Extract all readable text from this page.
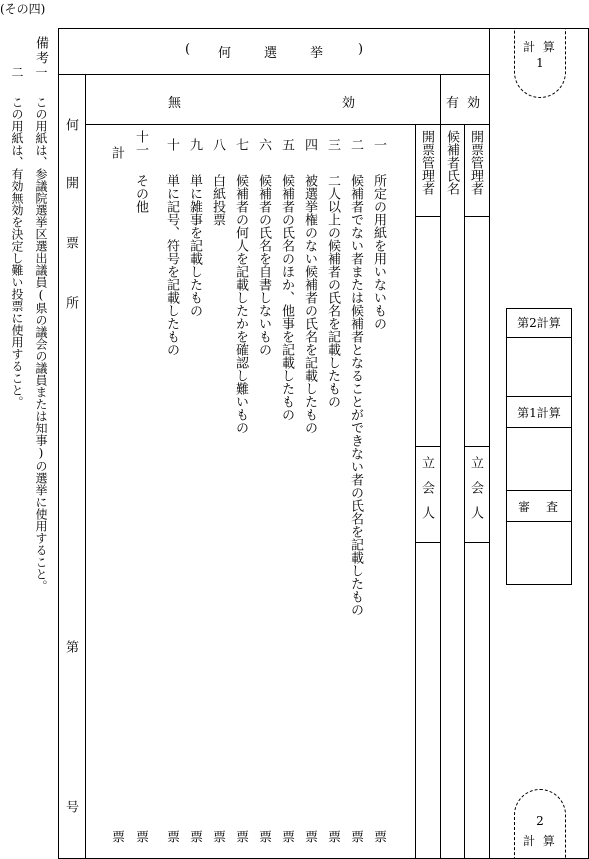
(その四)
備考
一
この用紙は、参議院選挙区選出議員(県の議会の議員または知事)の選挙に使用すること。
二
この用紙は、有効無効を決定し難い投票に使用すること。
( 何　選　挙 )
何
開
票
所
第
号
無	効	有 効
開票管理者
立会人
候補者氏名 開票管理者
立会人
一
所定の用紙を用いないもの
票
二
候補者でない者または候補者となることができない者の氏名を記載したもの
票
三
二人以上の候補者の氏名を記載したもの
票
四
被選挙権のない候補者の氏名を記載したもの
票
五
候補者の氏名のほか、他事を記載したもの
票
六
候補者の氏名を自書しないもの
票
七
候補者の何人を記載したかを確認し難いもの
票
八
白紙投票
票
九
単に雑事を記載したもの
票
十
単に記号、符号を記載したもの
票
十一
その他
票
計
票
計 算
1
2
計 算
第2計算
第1計算
審　査
